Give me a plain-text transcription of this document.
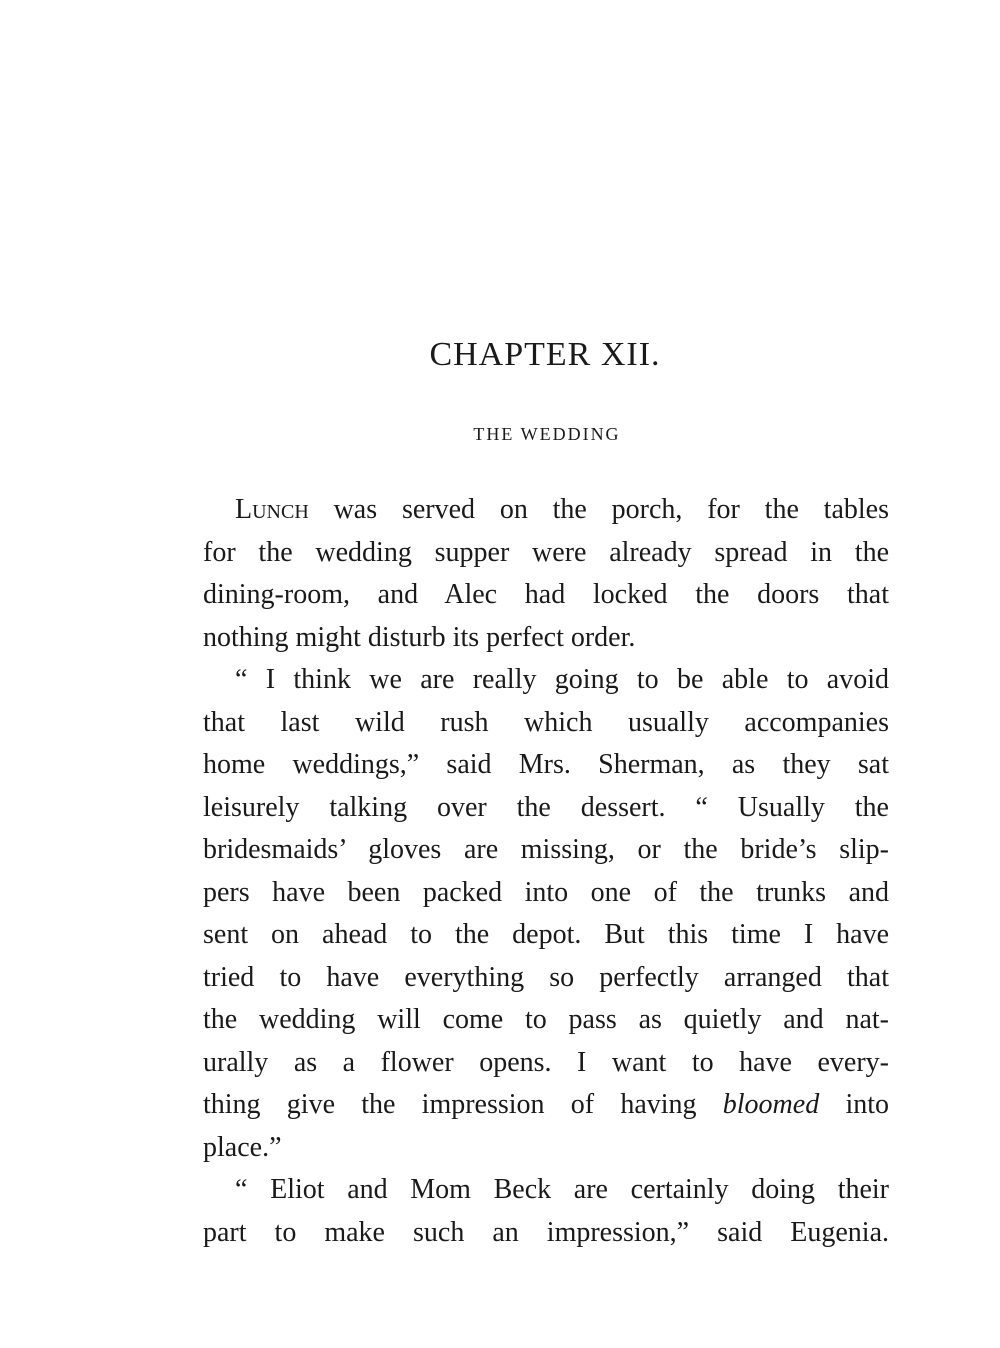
CHAPTER XII.
THE WEDDING
Lunch was served on the porch, for the tables
for the wedding supper were already spread in the
dining-room, and Alec had locked the doors that
nothing might disturb its perfect order.
“ I think we are really going to be able to avoid
that last wild rush which usually accompanies
home weddings,” said Mrs. Sherman, as they sat
leisurely talking over the dessert. “ Usually the
bridesmaids’ gloves are missing, or the bride’s slip-
pers have been packed into one of the trunks and
sent on ahead to the depot. But this time I have
tried to have everything so perfectly arranged that
the wedding will come to pass as quietly and nat-
urally as a flower opens. I want to have every-
thing give the impression of having bloomed into
place.”
“ Eliot and Mom Beck are certainly doing their
part to make such an impression,” said Eugenia.
